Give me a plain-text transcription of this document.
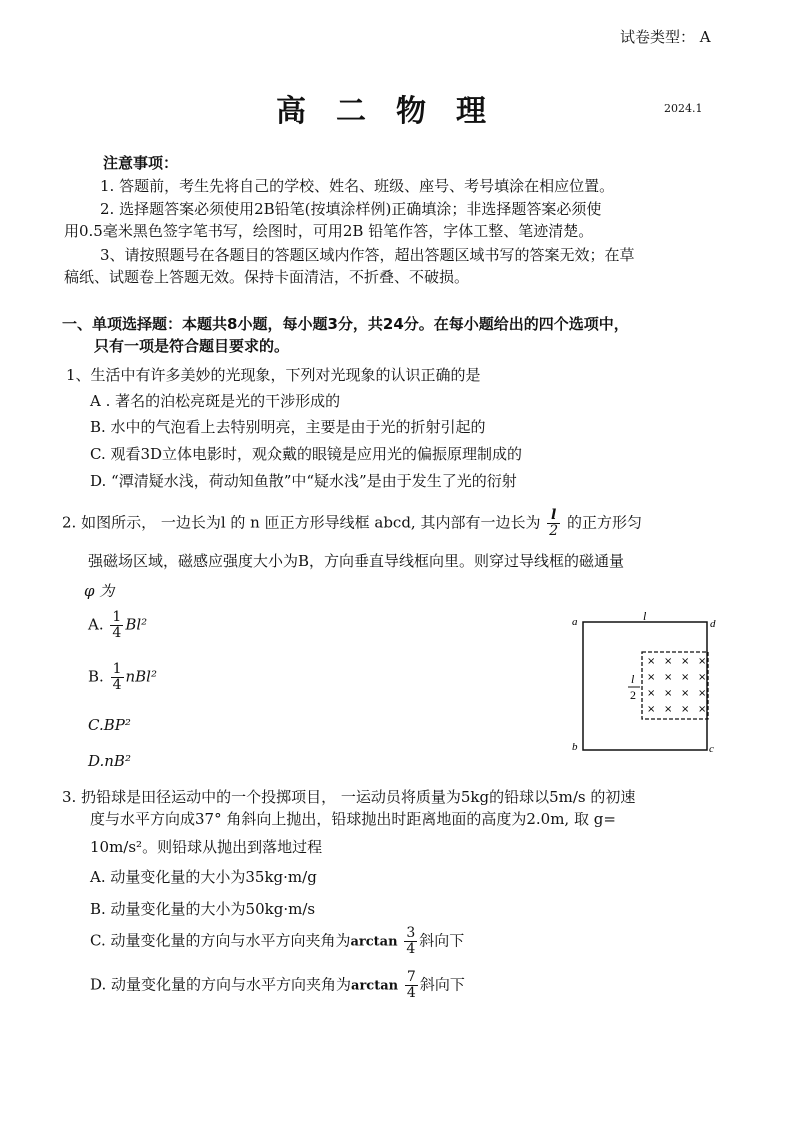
试卷类型： A
高二物理	2024.1
注意事项：
1. 答题前，考生先将自己的学校、姓名、班级、座号、考号填涂在相应位置。
2. 选择题答案必须使用2B铅笔(按填涂样例)正确填涂；非选择题答案必须使
用0.5毫米黑色签字笔书写，绘图时，可用2B 铅笔作答，字体工整、笔迹清楚。
3、请按照题号在各题目的答题区域内作答，超出答题区域书写的答案无效；在草
稿纸、试题卷上答题无效。保持卡面清洁，不折叠、不破损。
一、单项选择题：本题共8小题，每小题3分，共24分。在每小题给出的四个选项中，
只有一项是符合题目要求的。
1、生活中有许多美妙的光现象，下列对光现象的认识正确的是
A . 著名的泊松亮斑是光的干涉形成的
B. 水中的气泡看上去特别明亮，主要是由于光的折射引起的
C. 观看3D立体电影时，观众戴的眼镜是应用光的偏振原理制成的
D. “潭清疑水浅，荷动知鱼散”中“疑水浅”是由于发生了光的衍射
2. 如图所示， 一边长为l 的 n 匝正方形导线框 abcd, 其内部有一边长为 $\frac{l}{2}$ 的正方形匀
强磁场区域，磁感应强度大小为B，方向垂直导线框向里。则穿过导线框的磁通量
φ 为
A. $\frac{1}{4} Bl^2$
B. $\frac{1}{4} nBl^2$
C.BP²
D.nB²
a	d
b	c
l
l
2
× × × ×
× × × ×
× × × ×
× × × ×
3. 扔铅球是田径运动中的一个投掷项目， 一运动员将质量为5kg的铅球以5m/s 的初速
度与水平方向成37° 角斜向上抛出，铅球抛出时距离地面的高度为2.0m, 取 g=
10m/s²。则铅球从抛出到落地过程
A. 动量变化量的大小为35kg·m/g
B. 动量变化量的大小为50kg·m/s
C. 动量变化量的方向与水平方向夹角为$\arctan \frac{3}{4}$ 斜向下
D. 动量变化量的方向与水平方向夹角为$\arctan \frac{7}{4}$ 斜向下
